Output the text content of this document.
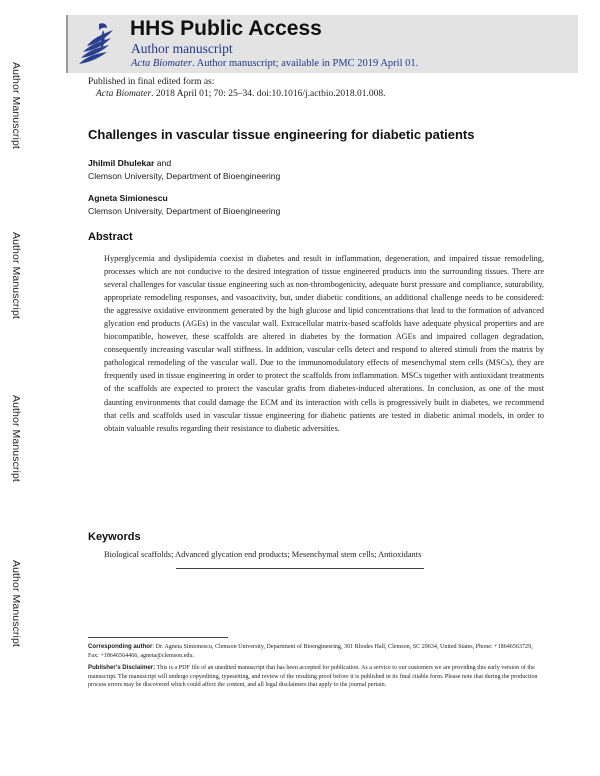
Author Manuscript
Author Manuscript
Author Manuscript
Author Manuscript
HHS Public Access
Author manuscript
Acta Biomater. Author manuscript; available in PMC 2019 April 01.
Published in final edited form as:
Acta Biomater. 2018 April 01; 70: 25–34. doi:10.1016/j.actbio.2018.01.008.
Challenges in vascular tissue engineering for diabetic patients
Jhilmil Dhulekar and
Clemson University, Department of Bioengineering
Agneta Simionescu
Clemson University, Department of Bioengineering
Abstract
Hyperglycemia and dyslipidemia coexist in diabetes and result in inflammation, degeneration, and impaired tissue remodeling, processes which are not conducive to the desired integration of tissue engineered products into the surrounding tissues. There are several challenges for vascular tissue engineering such as non-thrombogenicity, adequate burst pressure and compliance, suturability, appropriate remodeling responses, and vasoactivity, but, under diabetic conditions, an additional challenge needs to be considered: the aggressive oxidative environment generated by the high glucose and lipid concentrations that lead to the formation of advanced glycation end products (AGEs) in the vascular wall. Extracellular matrix-based scaffolds have adequate physical properties and are biocompatible, however, these scaffolds are altered in diabetes by the formation AGEs and impaired collagen degradation, consequently increasing vascular wall stiffness. In addition, vascular cells detect and respond to altered stimuli from the matrix by pathological remodeling of the vascular wall. Due to the immunomodulatory effects of mesenchymal stem cells (MSCs), they are frequently used in tissue engineering in order to protect the scaffolds from inflammation. MSCs together with antioxidant treatments of the scaffolds are expected to protect the vascular grafts from diabetes-induced alterations. In conclusion, as one of the most daunting environments that could damage the ECM and its interaction with cells is progressively built in diabetes, we recommend that cells and scaffolds used in vascular tissue engineering for diabetic patients are tested in diabetic animal models, in order to obtain valuable results regarding their resistance to diabetic adversities.
Keywords
Biological scaffolds; Advanced glycation end products; Mesenchymal stem cells; Antioxidants
Corresponding author: Dr. Agneta Simionescu, Clemson University, Department of Bioengineering, 301 Rhodes Hall, Clemson, SC 29634, United States, Phone: +18646563729, Fax: +18646564466, agneta@clemson.edu.
Publisher's Disclaimer: This is a PDF file of an unedited manuscript that has been accepted for publication. As a service to our customers we are providing this early version of the manuscript. The manuscript will undergo copyediting, typesetting, and review of the resulting proof before it is published in its final citable form. Please note that during the production process errors may be discovered which could affect the content, and all legal disclaimers that apply to the journal pertain.
